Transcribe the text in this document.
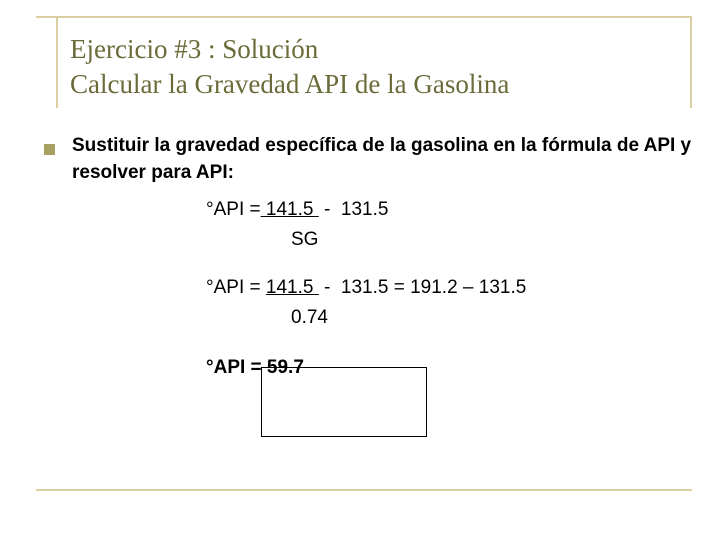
Ejercicio #3 : Solución
Calcular la Gravedad API de la Gasolina
Sustituir la gravedad específica de la gasolina en la fórmula de API y resolver para API:
°API = 141.5 - 131.5
SG
°API = 141.5 - 131.5 = 191.2 – 131.5
0.74
°API = 59.7
